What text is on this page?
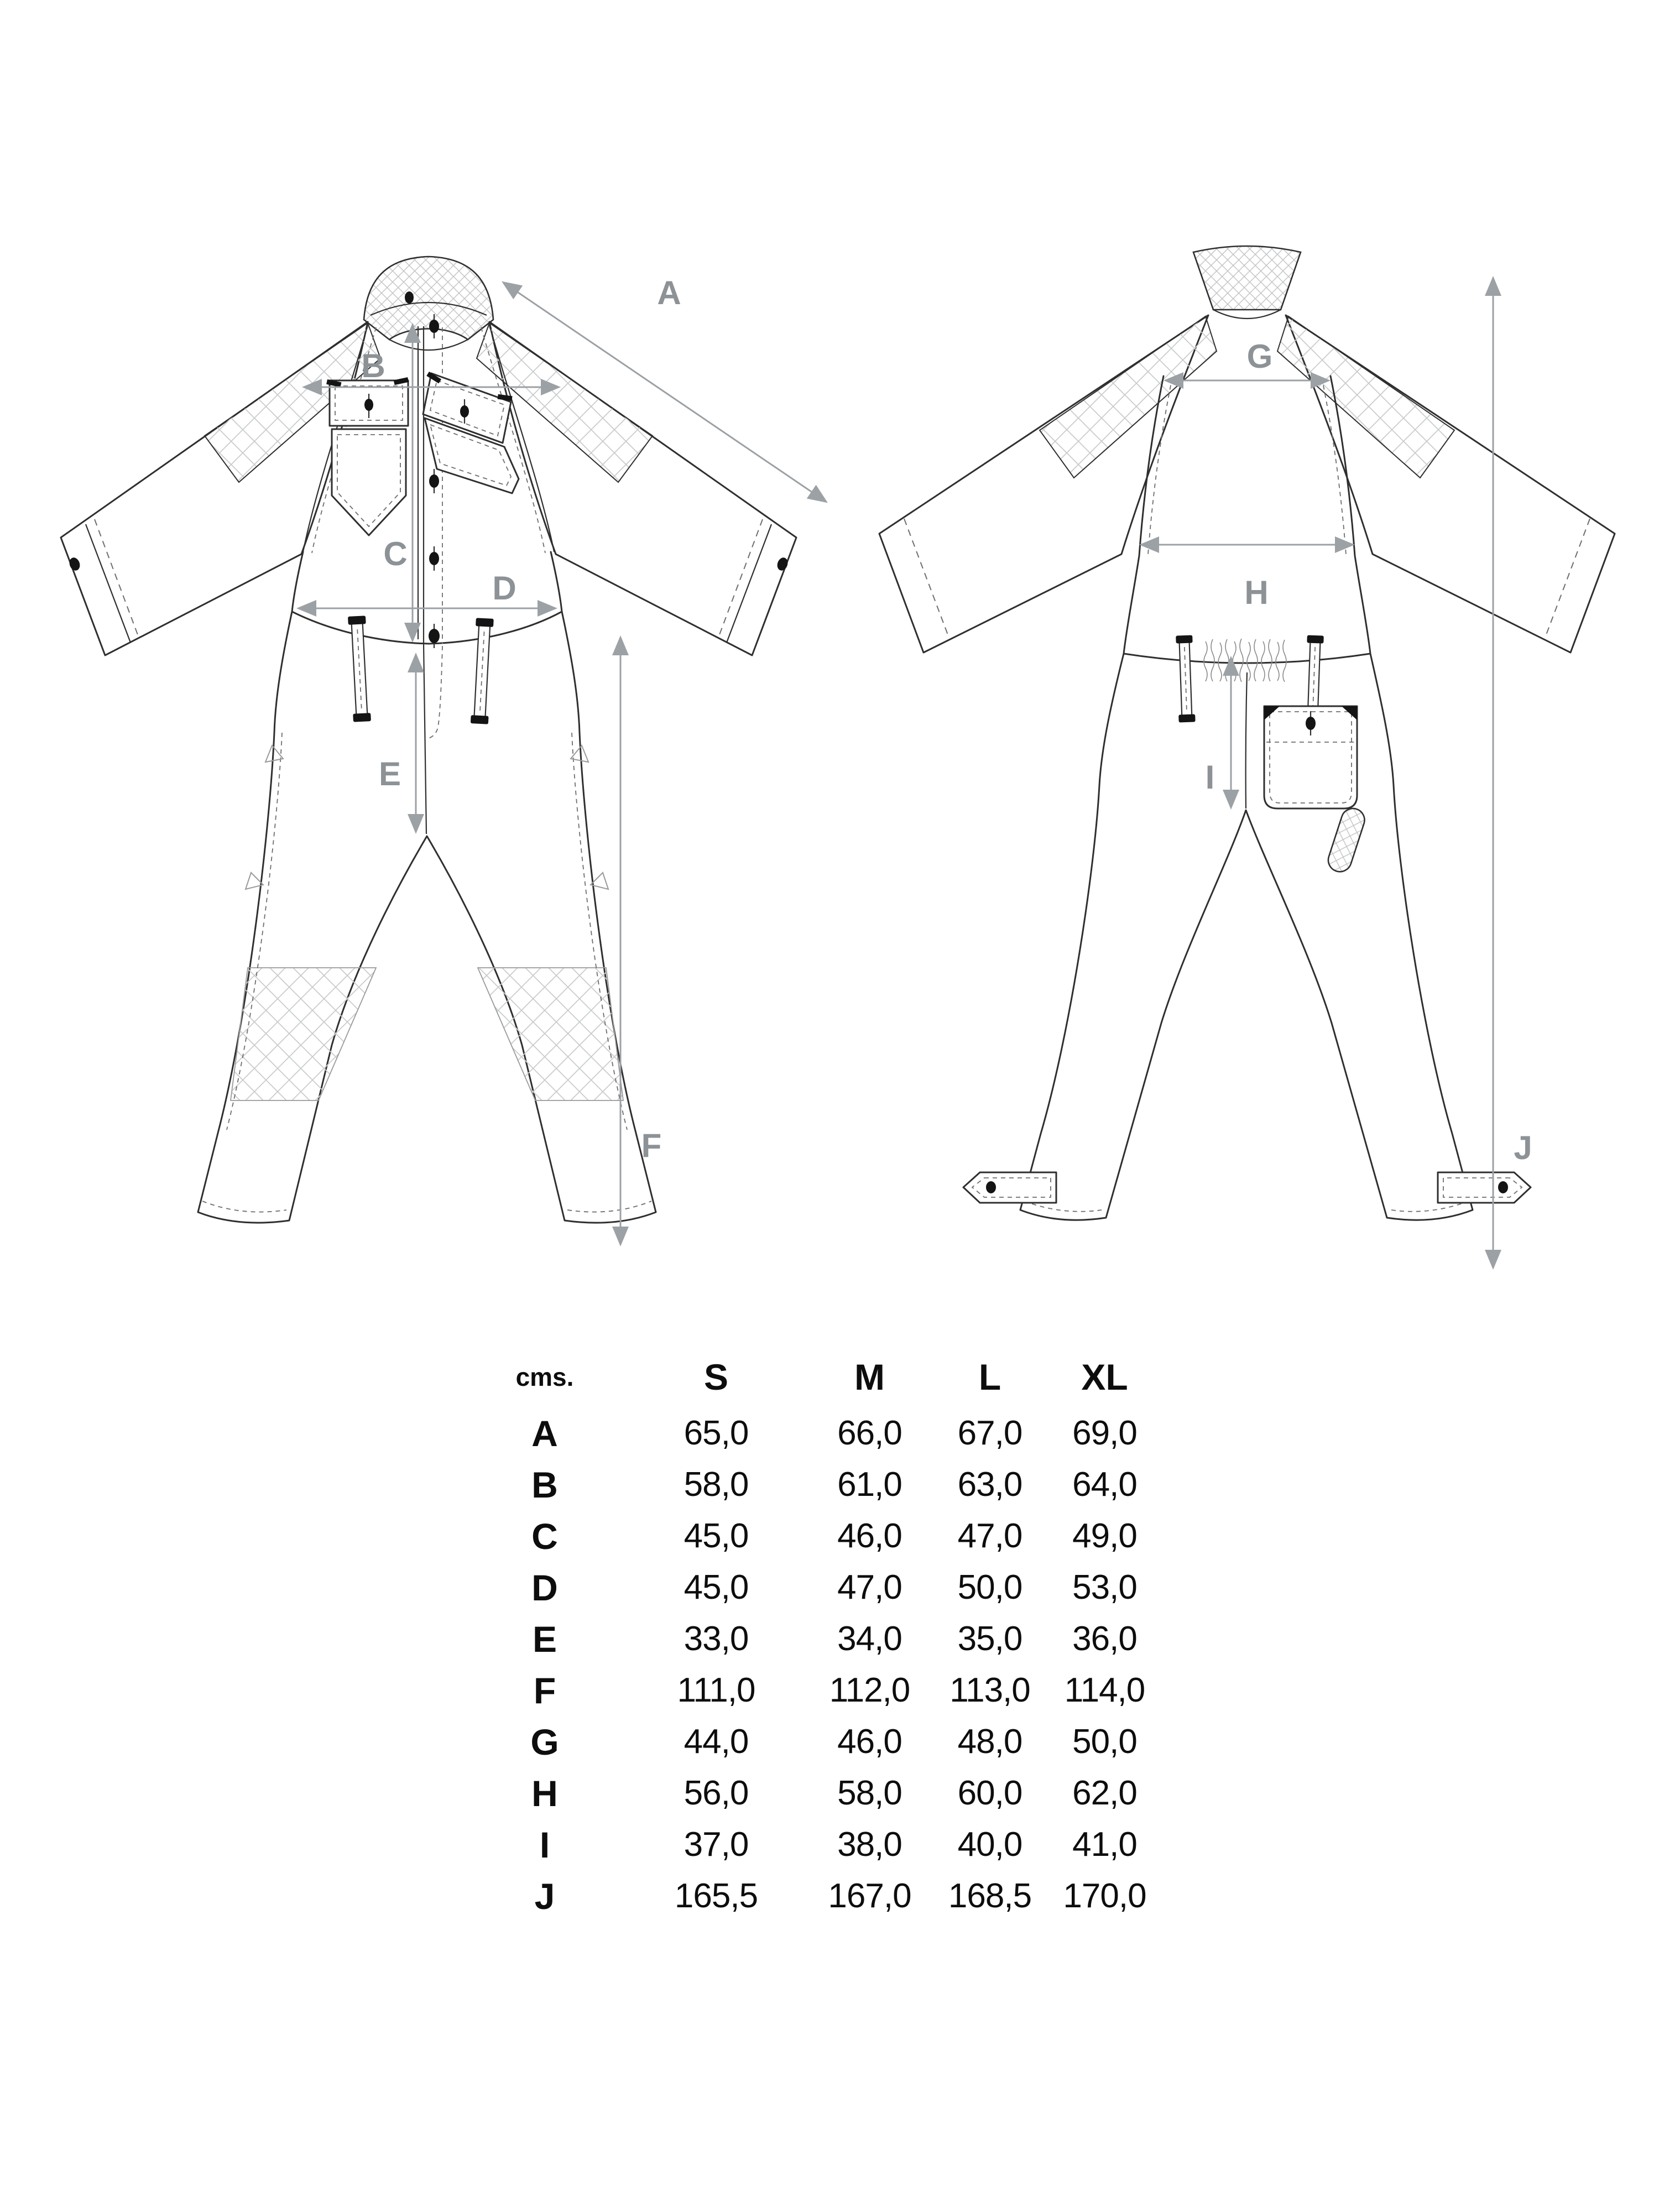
A
B
C
D
E
F
G
H
I
J
cms.	S	M	L	XL
A	65,0	66,0	67,0	69,0
B	58,0	61,0	63,0	64,0
C	45,0	46,0	47,0	49,0
D	45,0	47,0	50,0	53,0
E	33,0	34,0	35,0	36,0
F	111,0	112,0	113,0	114,0
G	44,0	46,0	48,0	50,0
H	56,0	58,0	60,0	62,0
I	37,0	38,0	40,0	41,0
J	165,5	167,0	168,5	170,0
